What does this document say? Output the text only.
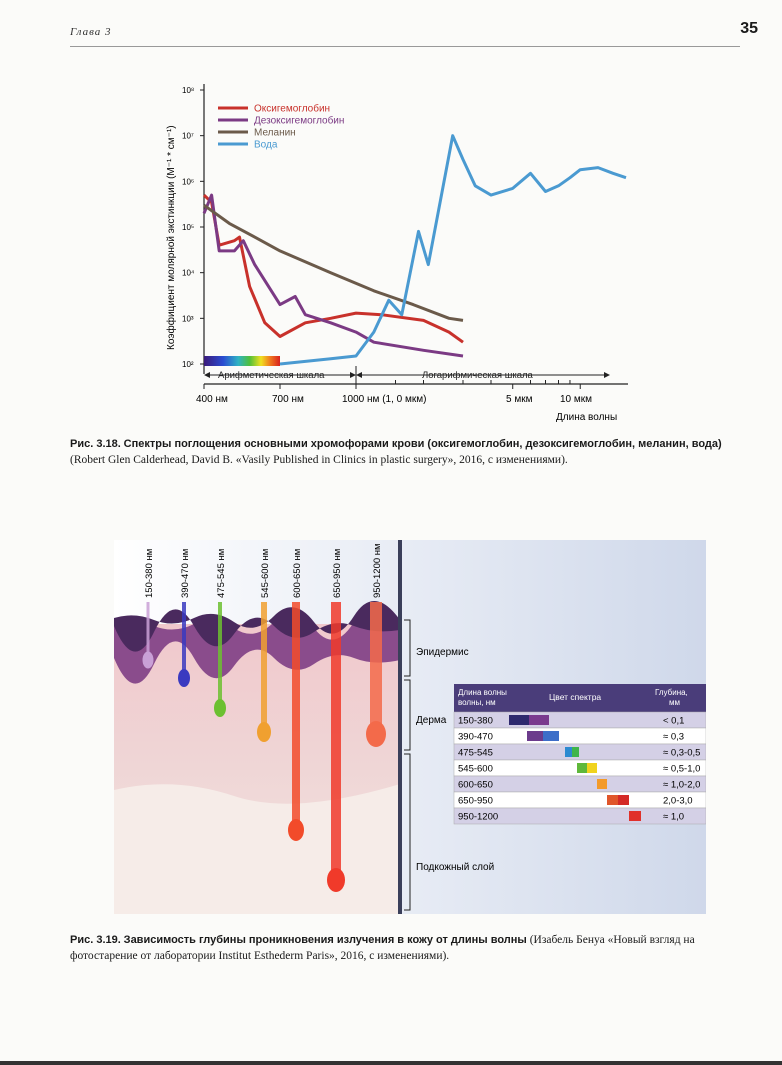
Глава 3	35
Коэффициент молярной экстинкции (М⁻¹ * см⁻¹)
10²
10³
10⁴
10⁵
10⁶
10⁷
10⁸
Оксигемоглобин
Дезоксигемоглобин
Меланин
Вода
Арифметическая шкала	Логарифмическая шкала
400 нм	700 нм	1000 нм (1, 0 мкм)	5 мкм	10 мкм
Длина волны
Рис. 3.18. Спектры поглощения основными хромофорами крови (оксигемоглобин, дезоксигемоглобин, меланин, вода) (Robert Glen Calderhead, David B. «Vasily Published in Clinics in plastic surgery», 2016, с изменениями).
150-380 нм	390-470 нм	475-545 нм	545-600 нм 600-650 нм	650-950 нм	950-1200 нм
Эпидермис
Дерма
Подкожный слой
Длина волны
волны, нм
Цвет спектра	Глубина,
мм
150-380	< 0,1
390-470	≈ 0,3
475-545	≈ 0,3-0,5
545-600	≈ 0,5-1,0
600-650	≈ 1,0-2,0
650-950	2,0-3,0
950-1200	≈ 1,0
Рис. 3.19. Зависимость глубины проникновения излучения в кожу от длины волны (Изабель Бенуа «Новый взгляд на фотостарение от лаборатории Institut Esthederm Paris», 2016, с изменениями).
